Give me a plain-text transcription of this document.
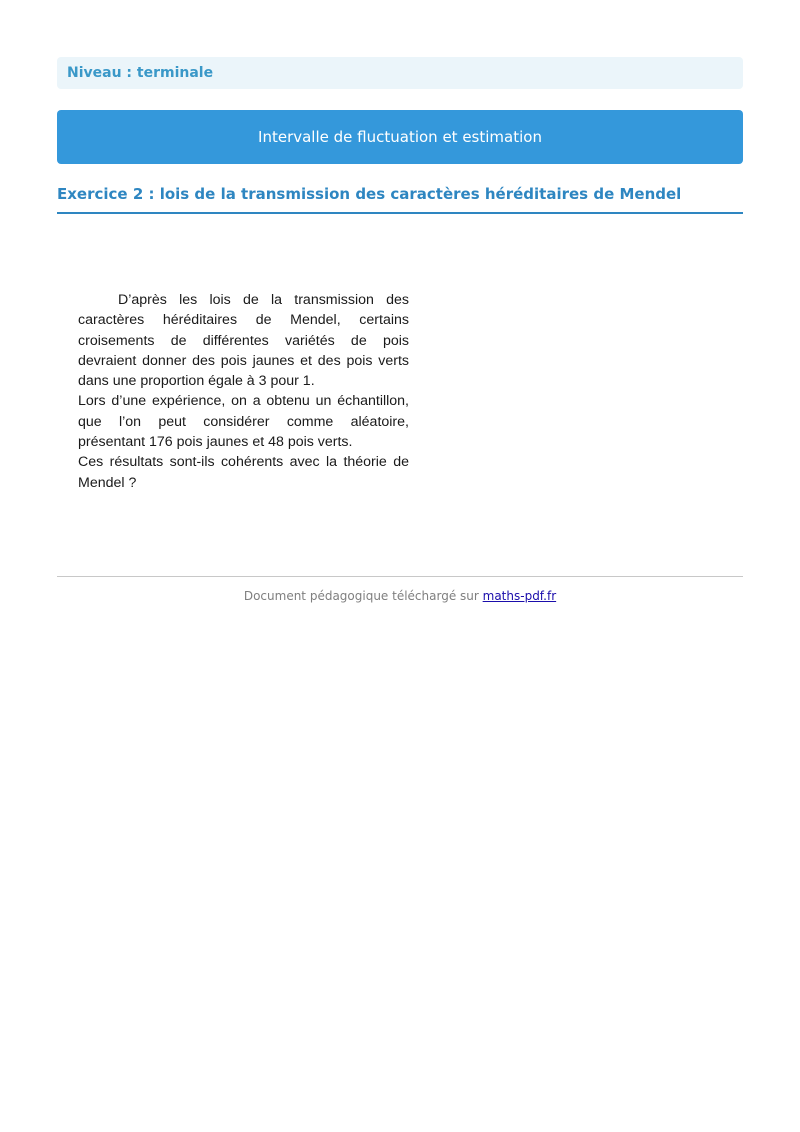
Niveau : terminale
Intervalle de fluctuation et estimation
Exercice 2 : lois de la transmission des caractères héréditaires de Mendel

D’après les lois de la transmission des caractères héréditaires de Mendel, certains croisements de différentes variétés de pois devraient donner des pois jaunes et des pois verts dans une proportion égale à 3 pour 1.

Lors d’une expérience, on a obtenu un échantillon, que l’on peut considérer comme aléatoire, présentant 176 pois jaunes et 48 pois verts.

Ces résultats sont-ils cohérents avec la théorie de Mendel ?

Document pédagogique téléchargé sur maths-pdf.fr
